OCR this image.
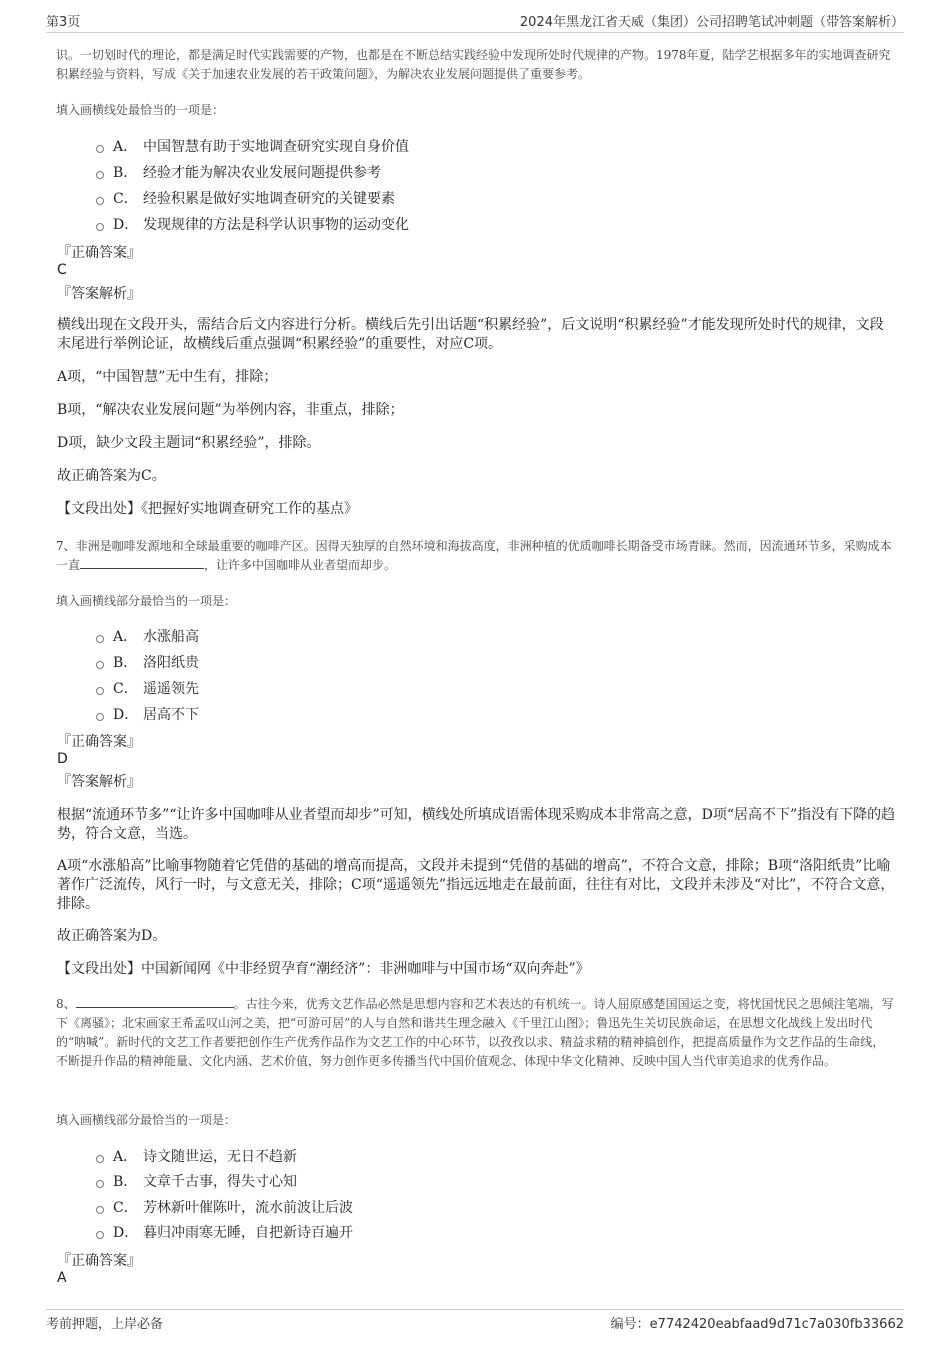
第3页	2024年黑龙江省天威（集团）公司招聘笔试冲刺题（带答案解析）

识。一切划时代的理论，都是满足时代实践需要的产物，也都是在不断总结实践经验中发现所处时代规律的产物。1978年夏，陆学艺根据多年的实地调查研究积累经验与资料，写成《关于加速农业发展的若干政策问题》，为解决农业发展问题提供了重要参考。

填入画横线处最恰当的一项是：
A． 中国智慧有助于实地调查研究实现自身价值
B． 经验才能为解决农业发展问题提供参考
C． 经验积累是做好实地调查研究的关键要素
D． 发现规律的方法是科学认识事物的运动变化
『正确答案』
C
『答案解析』

横线出现在文段开头，需结合后文内容进行分析。横线后先引出话题“积累经验”，后文说明“积累经验”才能发现所处时代的规律，文段末尾进行举例论证，故横线后重点强调“积累经验”的重要性，对应C项。

A项，“中国智慧”无中生有，排除；

B项，“解决农业发展问题”为举例内容，非重点，排除；

D项，缺少文段主题词“积累经验”，排除。

故正确答案为C。

【文段出处】《把握好实地调查研究工作的基点》

7、非洲是咖啡发源地和全球最重要的咖啡产区。因得天独厚的自然环境和海拔高度，非洲种植的优质咖啡长期备受市场青睐。然而，因流通环节多，采购成本一直	，让许多中国咖啡从业者望而却步。

填入画横线部分最恰当的一项是：
A． 水涨船高
B． 洛阳纸贵
C． 遥遥领先
D． 居高不下
『正确答案』
D
『答案解析』

根据“流通环节多”“让许多中国咖啡从业者望而却步”可知，横线处所填成语需体现采购成本非常高之意，D项“居高不下”指没有下降的趋势，符合文意，当选。

A项“水涨船高”比喻事物随着它凭借的基础的增高而提高，文段并未提到“凭借的基础的增高”，不符合文意，排除；B项“洛阳纸贵”比喻著作广泛流传，风行一时，与文意无关，排除；C项“遥遥领先”指远远地走在最前面，往往有对比，文段并未涉及“对比”，不符合文意，排除。

故正确答案为D。

【文段出处】中国新闻网《中非经贸孕育“潮经济”：非洲咖啡与中国市场“双向奔赴”》

8、	。古往今来，优秀文艺作品必然是思想内容和艺术表达的有机统一。诗人屈原感楚国国运之变，将忧国忧民之思倾注笔端，写下《离骚》；北宋画家王希孟叹山河之美，把“可游可居”的人与自然和谐共生理念融入《千里江山图》；鲁迅先生关切民族命运，在思想文化战线上发出时代的“呐喊”。新时代的文艺工作者要把创作生产优秀作品作为文艺工作的中心环节，以孜孜以求、精益求精的精神搞创作，把提高质量作为文艺作品的生命线，不断提升作品的精神能量、文化内涵、艺术价值，努力创作更多传播当代中国价值观念、体现中华文化精神、反映中国人当代审美追求的优秀作品。

填入画横线部分最恰当的一项是：
A． 诗文随世运，无日不趋新
B． 文章千古事，得失寸心知
C． 芳林新叶催陈叶，流水前波让后波
D． 暮归冲雨寒无睡，自把新诗百遍开
『正确答案』
A
考前押题，上岸必备	编号：e7742420eabfaad9d71c7a030fb33662
